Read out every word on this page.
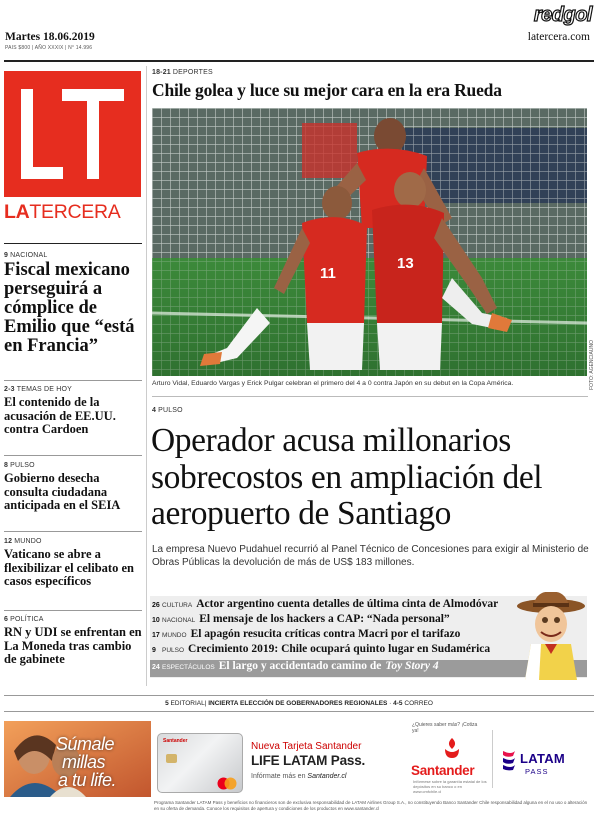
redgol
Martes 18.06.2019
PAIS $800 | AÑO XXXIX | N° 14.996
latercera.com
LATERCERA
9 NACIONAL
Fiscal mexicano perseguirá a cómplice de Emilio que “está en Francia”
2-3 TEMAS DE HOY
El contenido de la acusación de EE.UU. contra Cardoen
8 PULSO
Gobierno desecha consulta ciudadana anticipada en el SEIA
12 MUNDO
Vaticano se abre a flexibilizar el celibato en casos específicos
6 POLÍTICA
RN y UDI se enfrentan en La Moneda tras cambio de gabinete
18-21 DEPORTES
Chile golea y luce su mejor cara en la era Rueda
11
13
Arturo Vidal, Eduardo Vargas y Erick Pulgar celebran el primero del 4 a 0 contra Japón en su debut en la Copa América.	FOTO: AGENCIAUNO
4 PULSO
Operador acusa millonarios sobrecostos en ampliación del aeropuerto de Santiago
La empresa Nuevo Pudahuel recurrió al Panel Técnico de Concesiones para exigir al Ministerio de Obras Públicas la devolución de más de US$ 183 millones.
26 CULTURA Actor argentino cuenta detalles de última cinta de Almodóvar
10 NACIONAL El mensaje de los hackers a CAP: “Nada personal”
17 MUNDO El apagón resucita críticas contra Macri por el tarifazo
9 PULSO Crecimiento 2019: Chile ocupará quinto lugar en Sudamérica
24 ESPECTÁCULOS El largo y accidentado camino de Toy Story 4
5 EDITORIAL| INCIERTA ELECCIÓN DE GOBERNADORES REGIONALES · 4-5 CORREO
Súmale
millas
a tu life.
Santander	Nueva Tarjeta Santander
LIFE LATAM Pass.
Infórmate más en Santander.cl
¿Quieres saber más? ¡Cotiza ya!
Santander
Infórmese sobre la garantía estatal de los depósitos en su banco o en www.cmfchile.cl
LATAM
PASS
Programa Santander LATAM Pass y beneficios no financieros son de exclusiva responsabilidad de LATAM Airlines Group S.A., no constituyendo Banco Santander Chile responsabilidad alguna en el no uso o alteración en su oferta de demanda. Conoce los requisitos de apertura y condiciones de los productos en www.santander.cl
